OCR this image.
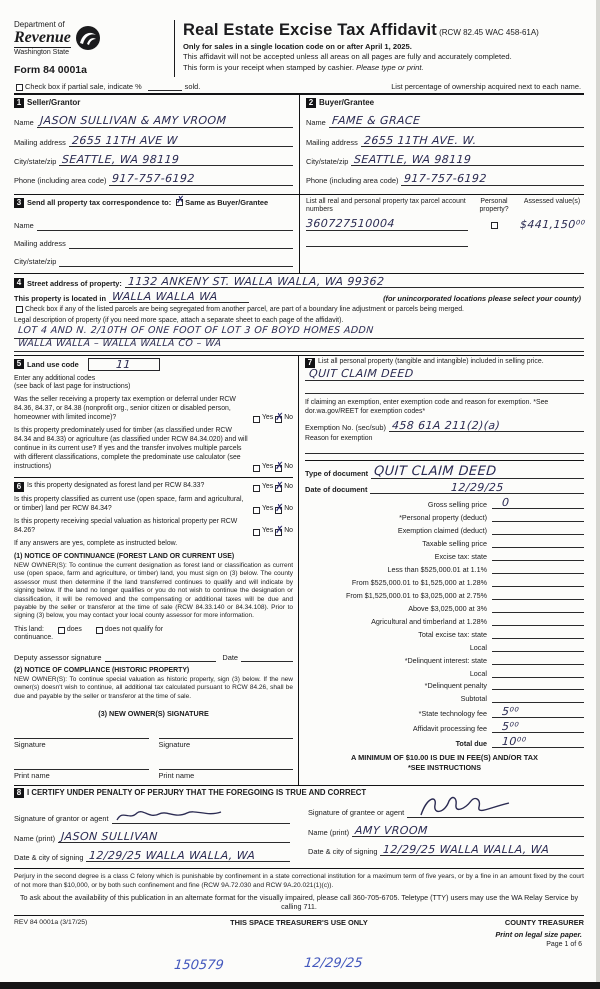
Department of
Revenue
Washington State
Form 84 0001a
Real Estate Excise Tax Affidavit (RCW 82.45 WAC 458-61A)
Only for sales in a single location code on or after April 1, 2025.
This affidavit will not be accepted unless all areas on all pages are fully and accurately completed.
This form is your receipt when stamped by cashier. Please type or print.
Check box if partial sale, indicate %	sold.	List percentage of ownership acquired next to each name.
1 Seller/Grantor
Name JASON SULLIVAN & AMY VROOM
Mailing address 2655 11TH AVE W
City/state/zip SEATTLE, WA 98119
Phone (including area code) 917-757-6192
2 Buyer/Grantee
Name FAME & GRACE
Mailing address 2655 11TH AVE. W.
City/state/zip SEATTLE, WA 98119
Phone (including area code) 917-757-6192
3 Send all property tax correspondence to: ✗ Same as Buyer/Grantee
Name
Mailing address
City/state/zip
List all real and personal property tax parcel account numbers
Personal property?
Assessed value(s)
360727510004	$441,150⁰⁰
4 Street address of property: 1132 ANKENY ST. WALLA WALLA, WA 99362
This property is located in WALLA WALLA WA	(for unincorporated locations please select your county)
Check box if any of the listed parcels are being segregated from another parcel, are part of a boundary line adjustment or parcels being merged.
Legal description of property (if you need more space, attach a separate sheet to each page of the affidavit).
LOT 4 AND N. 2/10TH OF ONE FOOT OF LOT 3 OF BOYD HOMES ADDN
WALLA WALLA – WALLA WALLA CO – WA
5 Land use code	11
Enter any additional codes
(see back of last page for instructions)
Was the seller receiving a property tax exemption or deferral under RCW 84.36, 84.37, or 84.38 (nonprofit org., senior citizen or disabled person, homeowner with limited income)?	Yes ✗ No
Is this property predominately used for timber (as classified under RCW 84.34 and 84.33) or agriculture (as classified under RCW 84.34.020) and will continue in its current use? If yes and the transfer involves multiple parcels with different classifications, complete the predominate use calculator (see instructions)	Yes ✗ No
6 Is this property designated as forest land per RCW 84.33?	Yes ✗ No
Is this property classified as current use (open space, farm and agricultural, or timber) land per RCW 84.34?	Yes ✗ No
Is this property receiving special valuation as historical property per RCW 84.26?	Yes ✗ No
If any answers are yes, complete as instructed below.
(1) NOTICE OF CONTINUANCE (FOREST LAND OR CURRENT USE)
NEW OWNER(S): To continue the current designation as forest land or classification as current use (open space, farm and agriculture, or timber) land, you must sign on (3) below. The county assessor must then determine if the land transferred continues to qualify and will indicate by signing below. If the land no longer qualifies or you do not wish to continue the designation or classification, it will be removed and the compensating or additional taxes will be due and payable by the seller or transferor at the time of sale (RCW 84.33.140 or 84.34.108). Prior to signing (3) below, you may contact your local county assessor for more information.
This land:	does	does not qualify for
continuance.
Deputy assessor signature	Date
(2) NOTICE OF COMPLIANCE (HISTORIC PROPERTY)
NEW OWNER(S): To continue special valuation as historic property, sign (3) below. If the new owner(s) doesn't wish to continue, all additional tax calculated pursuant to RCW 84.26, shall be due and payable by the seller or transferor at the time of sale.
(3) NEW OWNER(S) SIGNATURE
Signature	Signature
Print name	Print name
7 List all personal property (tangible and intangible) included in selling price.
QUIT CLAIM DEED
If claiming an exemption, enter exemption code and reason for exemption. *See dor.wa.gov/REET for exemption codes*
Exemption No. (sec/sub) 458 61A 211(2)(a)
Reason for exemption
Type of document QUIT CLAIM DEED
Date of document	12/29/25
Gross selling price	0
*Personal property (deduct)
Exemption claimed (deduct)
Taxable selling price
Excise tax: state
Less than $525,000.01 at 1.1%
From $525,000.01 to $1,525,000 at 1.28%
From $1,525,000.01 to $3,025,000 at 2.75%
Above $3,025,000 at 3%
Agricultural and timberland at 1.28%
Total excise tax: state
Local
*Delinquent interest: state
Local
*Delinquent penalty
Subtotal
*State technology fee	5⁰⁰
Affidavit processing fee	5⁰⁰
Total due	10⁰⁰
A MINIMUM OF $10.00 IS DUE IN FEE(S) AND/OR TAX
*SEE INSTRUCTIONS
8 I CERTIFY UNDER PENALTY OF PERJURY THAT THE FOREGOING IS TRUE AND CORRECT
Signature of grantor or agent
Name (print) JASON SULLIVAN
Date & city of signing 12/29/25 WALLA WALLA, WA
Signature of grantee or agent
Name (print) AMY VROOM
Date & city of signing 12/29/25 WALLA WALLA, WA
Perjury in the second degree is a class C felony which is punishable by confinement in a state correctional institution for a maximum term of five years, or by a fine in an amount fixed by the court of not more than $10,000, or by both such confinement and fine (RCW 9A.72.030 and RCW 9A.20.021(1)(c)).
To ask about the availability of this publication in an alternate format for the visually impaired, please call 360-705-6705. Teletype (TTY) users may use the WA Relay Service by calling 711.
REV 84 0001a (3/17/25)	THIS SPACE TREASURER'S USE ONLY	COUNTY TREASURER
Print on legal size paper.
Page 1 of 6
150579	12/29/25
